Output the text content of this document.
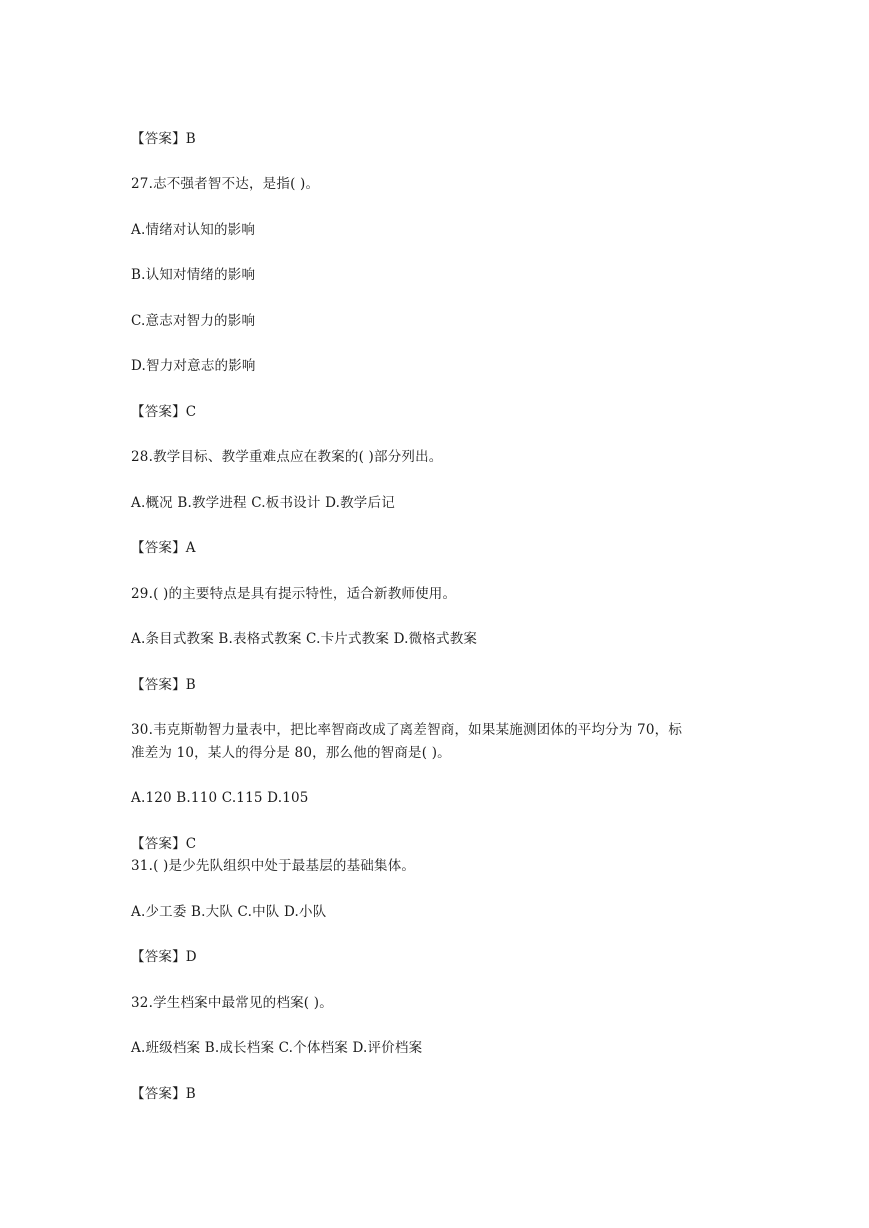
【答案】B
27.志不强者智不达，是指( )。
A.情绪对认知的影响
B.认知对情绪的影响
C.意志对智力的影响
D.智力对意志的影响
【答案】C
28.教学目标、教学重难点应在教案的( )部分列出。
A.概况 B.教学进程 C.板书设计 D.教学后记
【答案】A
29.( )的主要特点是具有提示特性，适合新教师使用。
A.条目式教案 B.表格式教案 C.卡片式教案 D.微格式教案
【答案】B
30.韦克斯勒智力量表中，把比率智商改成了离差智商，如果某施测团体的平均分为 70，标
准差为 10，某人的得分是 80，那么他的智商是( )。
A.120 B.110 C.115 D.105
【答案】C
31.( )是少先队组织中处于最基层的基础集体。
A.少工委 B.大队 C.中队 D.小队
【答案】D
32.学生档案中最常见的档案( )。
A.班级档案 B.成长档案 C.个体档案 D.评价档案
【答案】B
